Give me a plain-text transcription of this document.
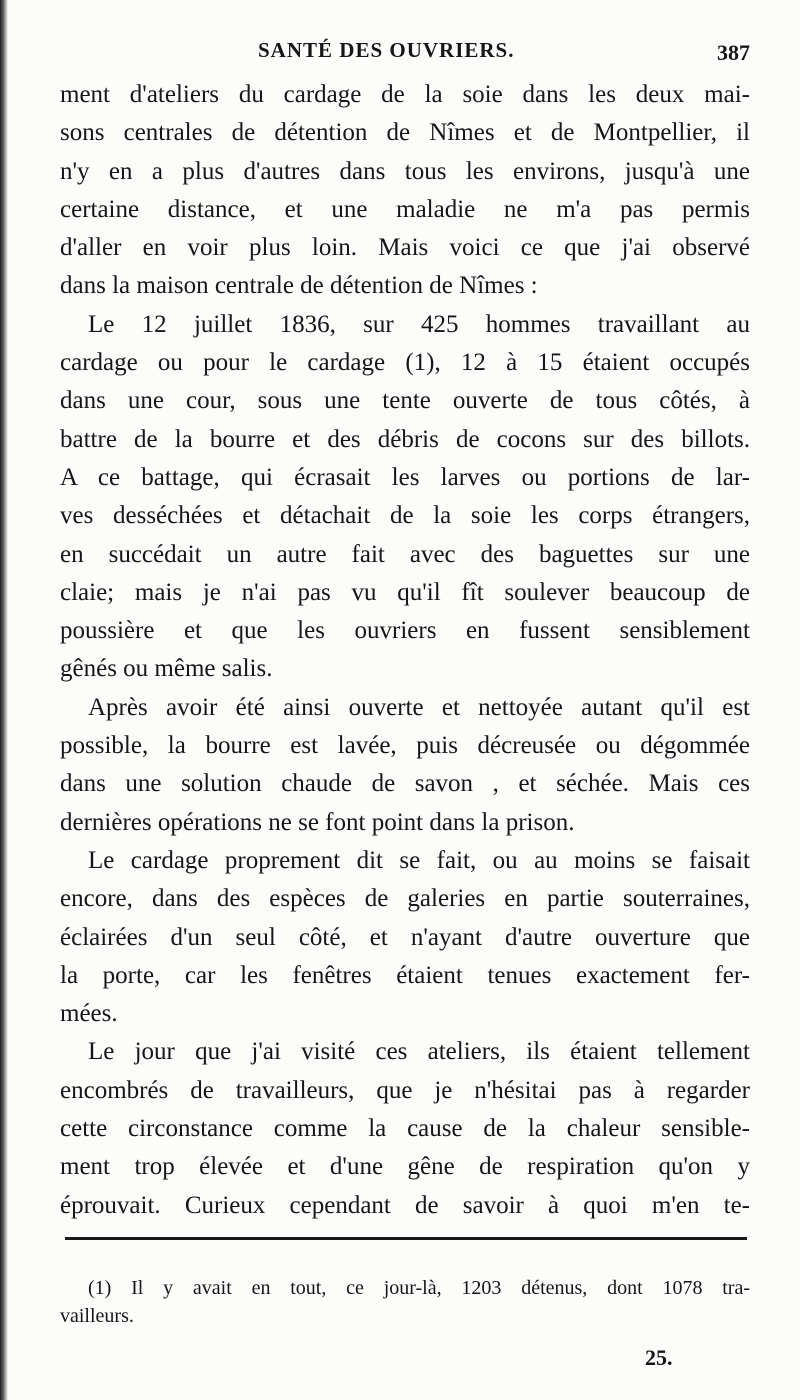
SANTÉ DES OUVRIERS.	387
ment d'ateliers du cardage de la soie dans les deux mai-
sons centrales de détention de Nîmes et de Montpellier, il
n'y en a plus d'autres dans tous les environs, jusqu'à une
certaine distance, et une maladie ne m'a pas permis
d'aller en voir plus loin. Mais voici ce que j'ai observé
dans la maison centrale de détention de Nîmes :
Le 12 juillet 1836, sur 425 hommes travaillant au
cardage ou pour le cardage (1), 12 à 15 étaient occupés
dans une cour, sous une tente ouverte de tous côtés, à
battre de la bourre et des débris de cocons sur des billots.
A ce battage, qui écrasait les larves ou portions de lar-
ves desséchées et détachait de la soie les corps étrangers,
en succédait un autre fait avec des baguettes sur une
claie; mais je n'ai pas vu qu'il fît soulever beaucoup de
poussière et que les ouvriers en fussent sensiblement
gênés ou même salis.
Après avoir été ainsi ouverte et nettoyée autant qu'il est
possible, la bourre est lavée, puis décreusée ou dégommée
dans une solution chaude de savon , et séchée. Mais ces
dernières opérations ne se font point dans la prison.
Le cardage proprement dit se fait, ou au moins se faisait
encore, dans des espèces de galeries en partie souterraines,
éclairées d'un seul côté, et n'ayant d'autre ouverture que
la porte, car les fenêtres étaient tenues exactement fer-
mées.
Le jour que j'ai visité ces ateliers, ils étaient tellement
encombrés de travailleurs, que je n'hésitai pas à regarder
cette circonstance comme la cause de la chaleur sensible-
ment trop élevée et d'une gêne de respiration qu'on y
éprouvait. Curieux cependant de savoir à quoi m'en te-
(1) Il y avait en tout, ce jour-là, 1203 détenus, dont 1078 tra-
vailleurs.
25.
